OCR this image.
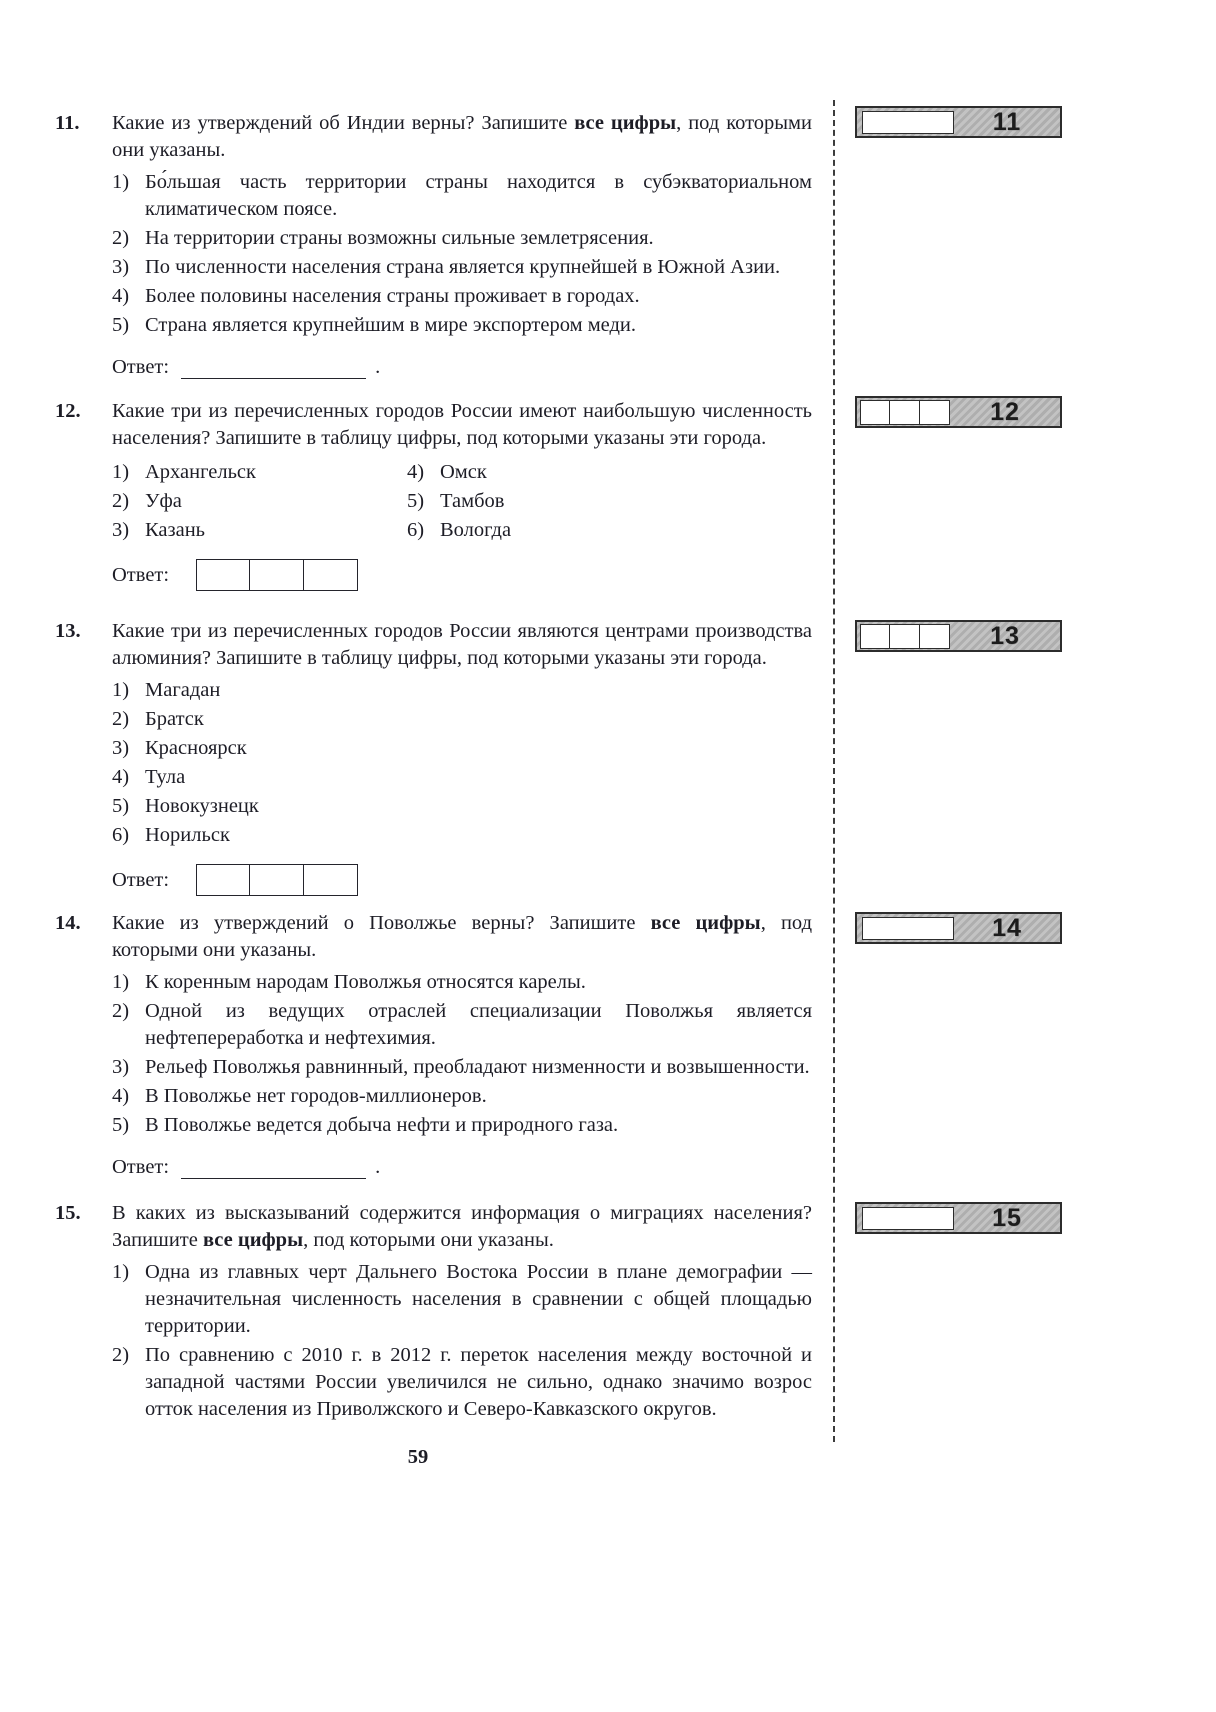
11.	Какие из утверждений об Индии верны? Запишите все цифры, под которыми они указаны.

1) Бо́льшая часть территории страны находится в субэкваториальном климатическом поясе.
2) На территории страны возможны сильные землетрясения.
3) По численности населения страна является крупнейшей в Южной Азии.
4) Более половины населения страны проживает в городах.
5) Страна является крупнейшим в мире экспортером меди.
Ответ:	.
12.	Какие три из перечисленных городов России имеют наибольшую численность населения? Запишите в таблицу цифры, под которыми указаны эти города.

1) Архангельск
2) Уфа
3) Казань
4) Омск
5) Тамбов
6) Вологда
Ответ:
13.	Какие три из перечисленных городов России являются центрами производства алюминия? Запишите в таблицу цифры, под которыми указаны эти города.

1) Магадан
2) Братск
3) Красноярск
4) Тула
5) Новокузнецк
6) Норильск
Ответ:
14.	Какие из утверждений о Поволжье верны? Запишите все цифры, под которыми они указаны.

1) К коренным народам Поволжья относятся карелы.
2) Одной из ведущих отраслей специализации Поволжья является нефтепереработка и нефтехимия.
3) Рельеф Поволжья равнинный, преобладают низменности и возвышенности.
4) В Поволжье нет городов-миллионеров.
5) В Поволжье ведется добыча нефти и природного газа.
Ответ:	.
15.	В каких из высказываний содержится информация о миграциях населения? Запишите все цифры, под которыми они указаны.

1) Одна из главных черт Дальнего Востока России в плане демографии — незначительная численность населения в сравнении с общей площадью территории.
2) По сравнению с 2010 г. в 2012 г. переток населения между восточной и западной частями России увеличился не сильно, однако значимо возрос отток населения из Приволжского и Северо-Кавказского округов.
11
12
13
14
15
59
